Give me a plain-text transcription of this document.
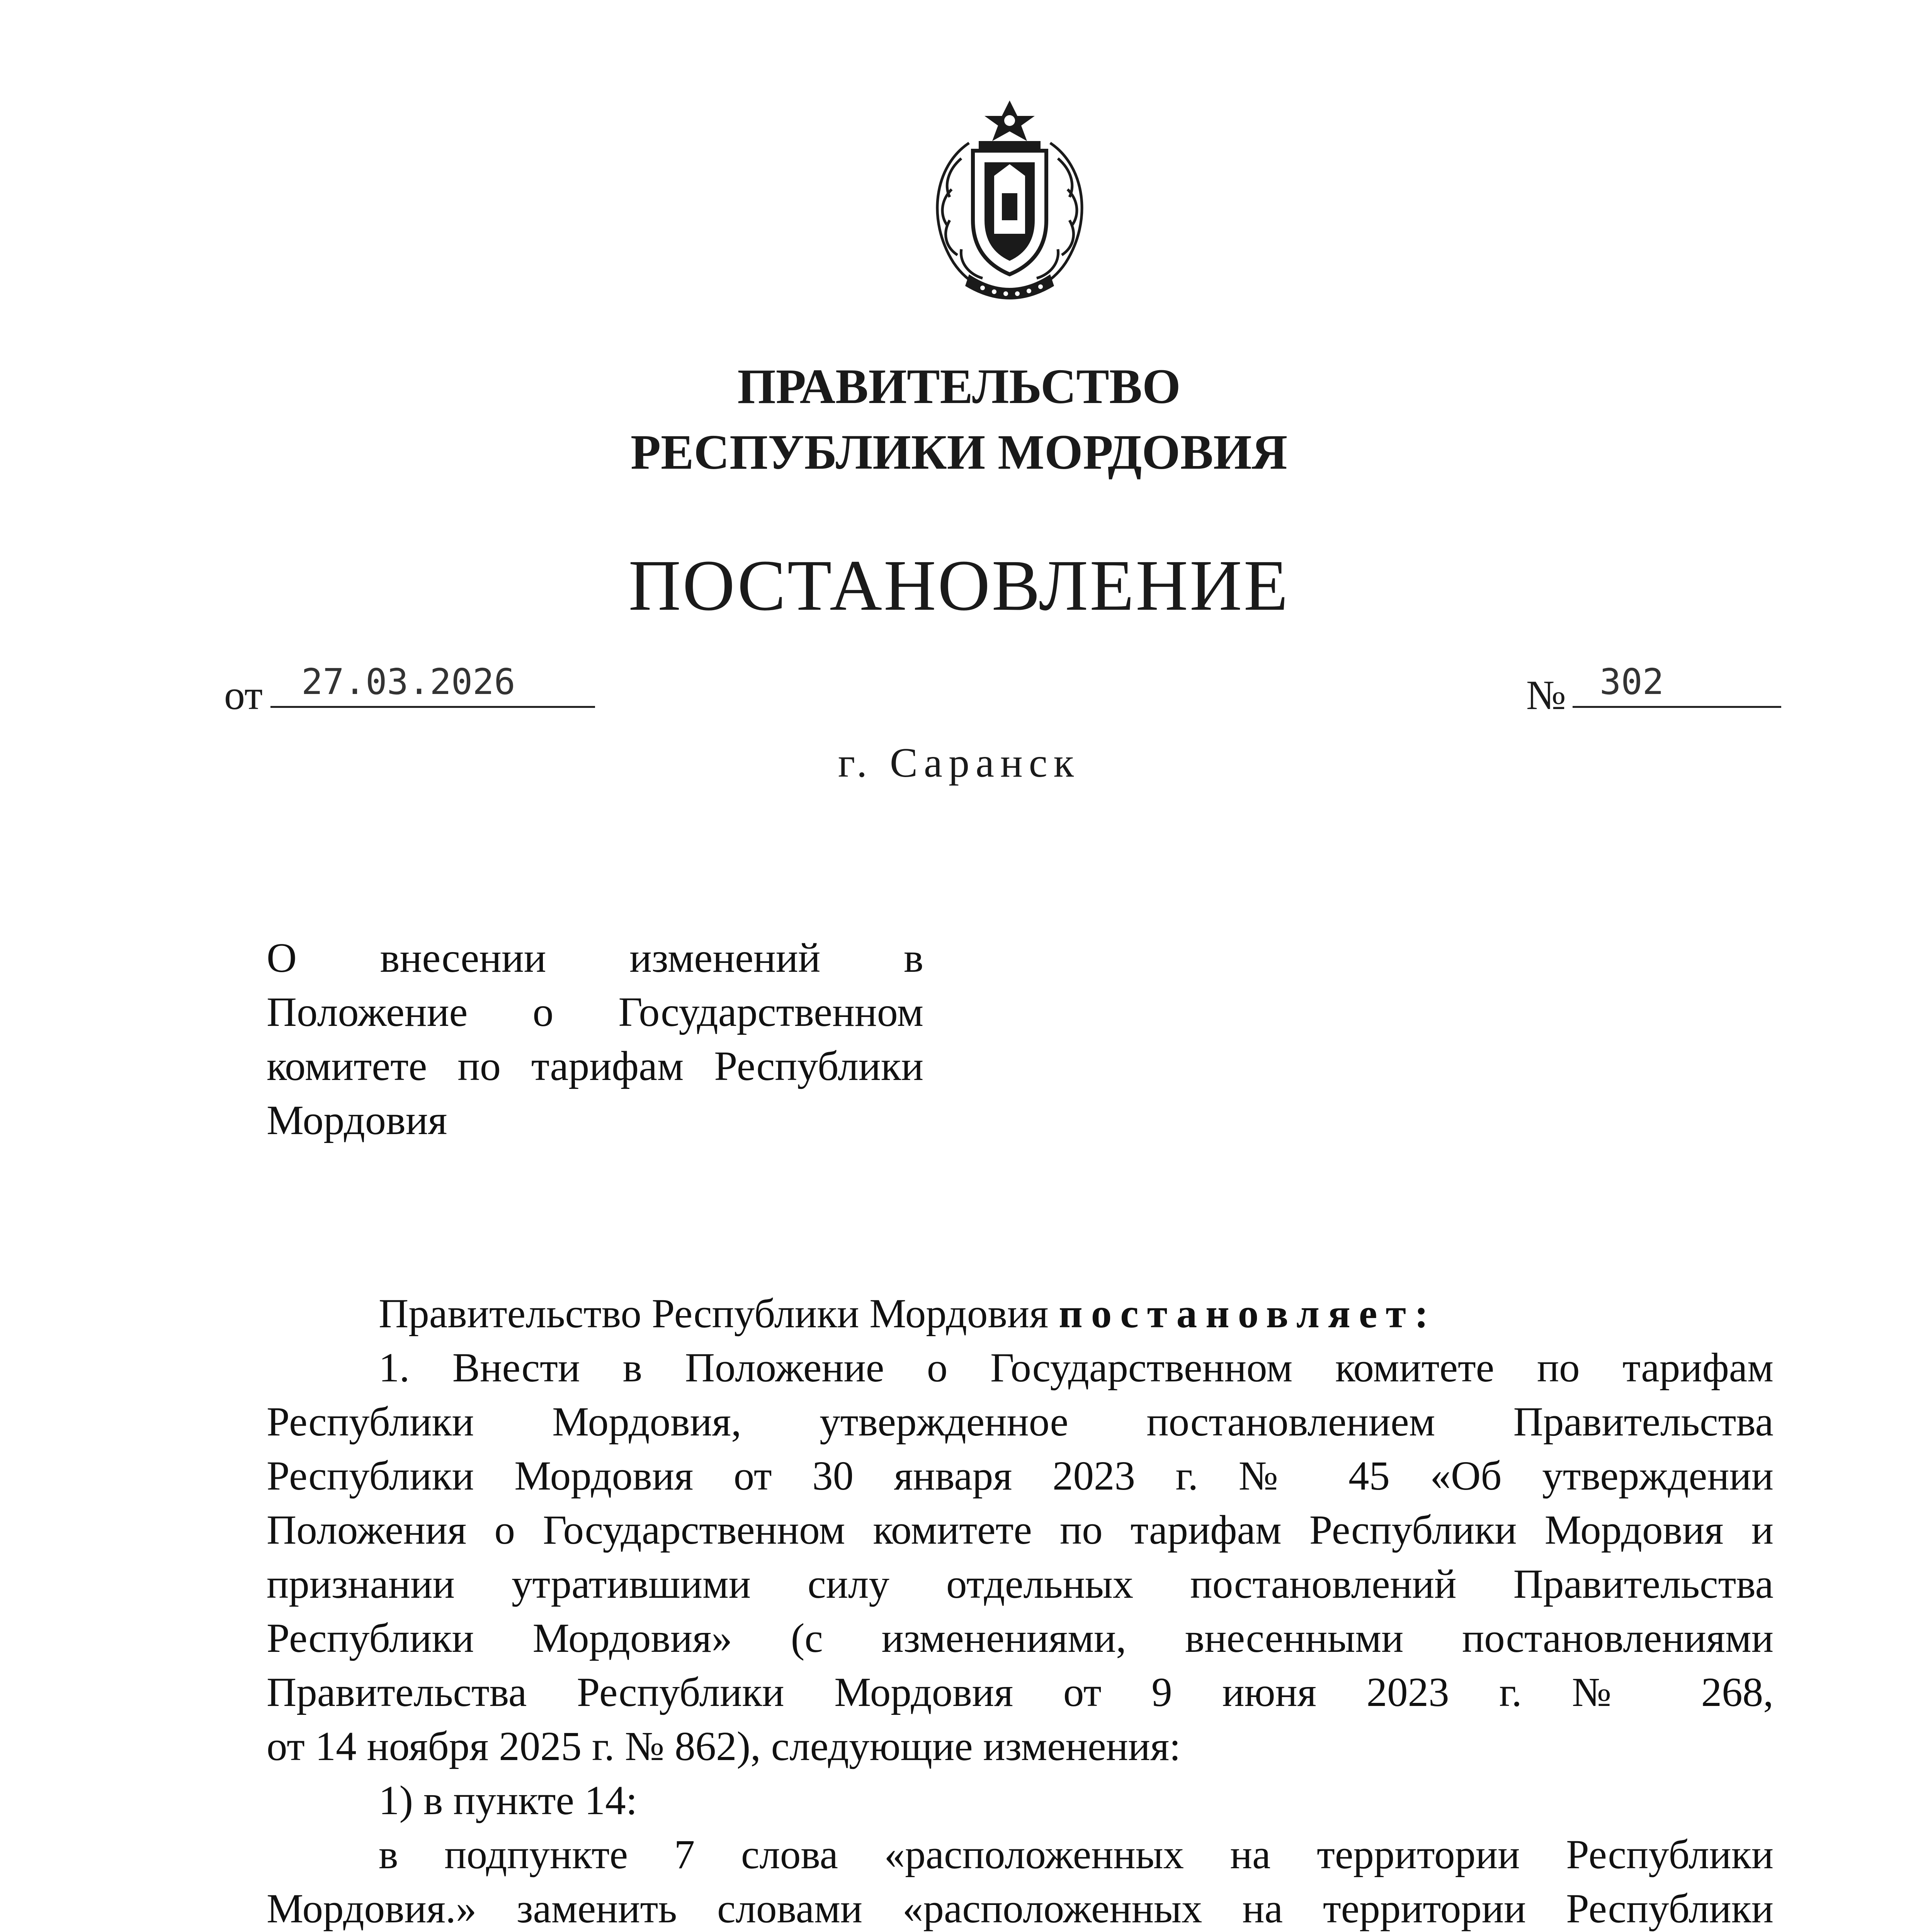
ПРАВИТЕЛЬСТВО
РЕСПУБЛИКИ МОРДОВИЯ
ПОСТАНОВЛЕНИЕ
от 27.03.2026	№ 302
г. Саранск
О внесении изменений в
Положение о Государственном
комитете по тарифам Республики
Мордовия
Правительство Республики Мордовия постановляет:
1. Внести в Положение о Государственном комитете по тарифам
Республики Мордовия, утвержденное постановлением Правительства
Республики Мордовия от 30 января 2023 г. № 45 «Об утверждении
Положения о Государственном комитете по тарифам Республики Мордовия и
признании утратившими силу отдельных постановлений Правительства
Республики Мордовия» (с изменениями, внесенными постановлениями
Правительства Республики Мордовия от 9 июня 2023 г. № 268,
от 14 ноября 2025 г. № 862), следующие изменения:
1) в пункте 14:
в подпункте 7 слова «расположенных на территории Республики
Мордовия.» заменить словами «расположенных на территории Республики
